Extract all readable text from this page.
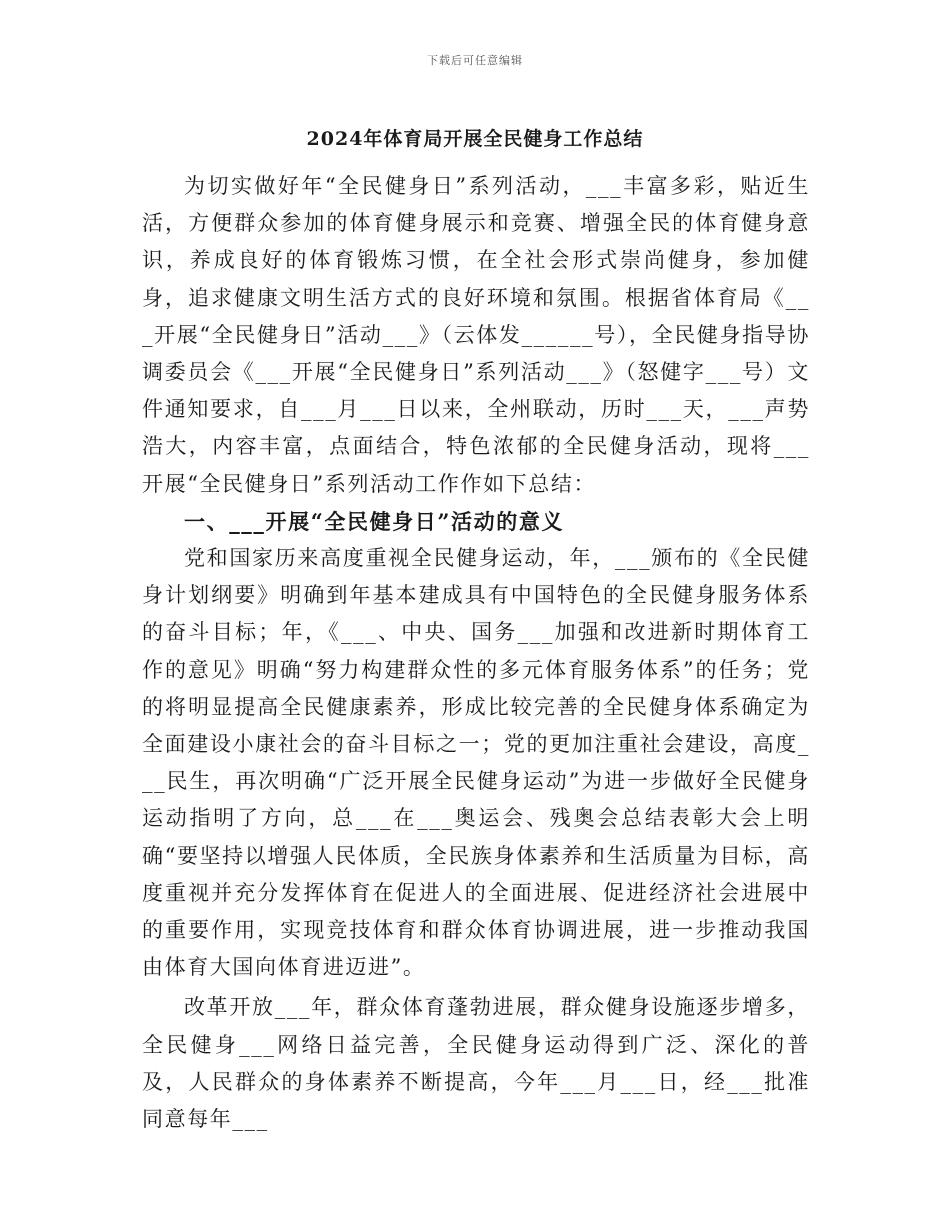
下载后可任意编辑
2024年体育局开展全民健身工作总结

为切实做好年“全民健身日”系列活动，___丰富多彩，贴近生活，方便群众参加的体育健身展示和竞赛、增强全民的体育健身意识，养成良好的体育锻炼习惯，在全社会形式崇尚健身，参加健身，追求健康文明生活方式的良好环境和氛围。根据省体育局《___开展“全民健身日”活动___》（云体发______号），全民健身指导协调委员会《___开展“全民健身日”系列活动___》（怒健字___号）文件通知要求，自___月___日以来，全州联动，历时___天，___声势浩大，内容丰富，点面结合，特色浓郁的全民健身活动，现将___开展“全民健身日”系列活动工作作如下总结：

一、___开展“全民健身日”活动的意义

党和国家历来高度重视全民健身运动，年，___颁布的《全民健身计划纲要》明确到年基本建成具有中国特色的全民健身服务体系的奋斗目标；年，《___、中央、国务___加强和改进新时期体育工作的意见》明确“努力构建群众性的多元体育服务体系”的任务；党的将明显提高全民健康素养，形成比较完善的全民健身体系确定为全面建设小康社会的奋斗目标之一；党的更加注重社会建设，高度___民生，再次明确“广泛开展全民健身运动”为进一步做好全民健身运动指明了方向，总___在___奥运会、残奥会总结表彰大会上明确“要坚持以增强人民体质，全民族身体素养和生活质量为目标，高度重视并充分发挥体育在促进人的全面进展、促进经济社会进展中的重要作用，实现竞技体育和群众体育协调进展，进一步推动我国由体育大国向体育进迈进”。

改革开放___年，群众体育蓬勃进展，群众健身设施逐步增多，全民健身___网络日益完善，全民健身运动得到广泛、深化的普及，人民群众的身体素养不断提高，今年___月___日，经___批准同意每年___
